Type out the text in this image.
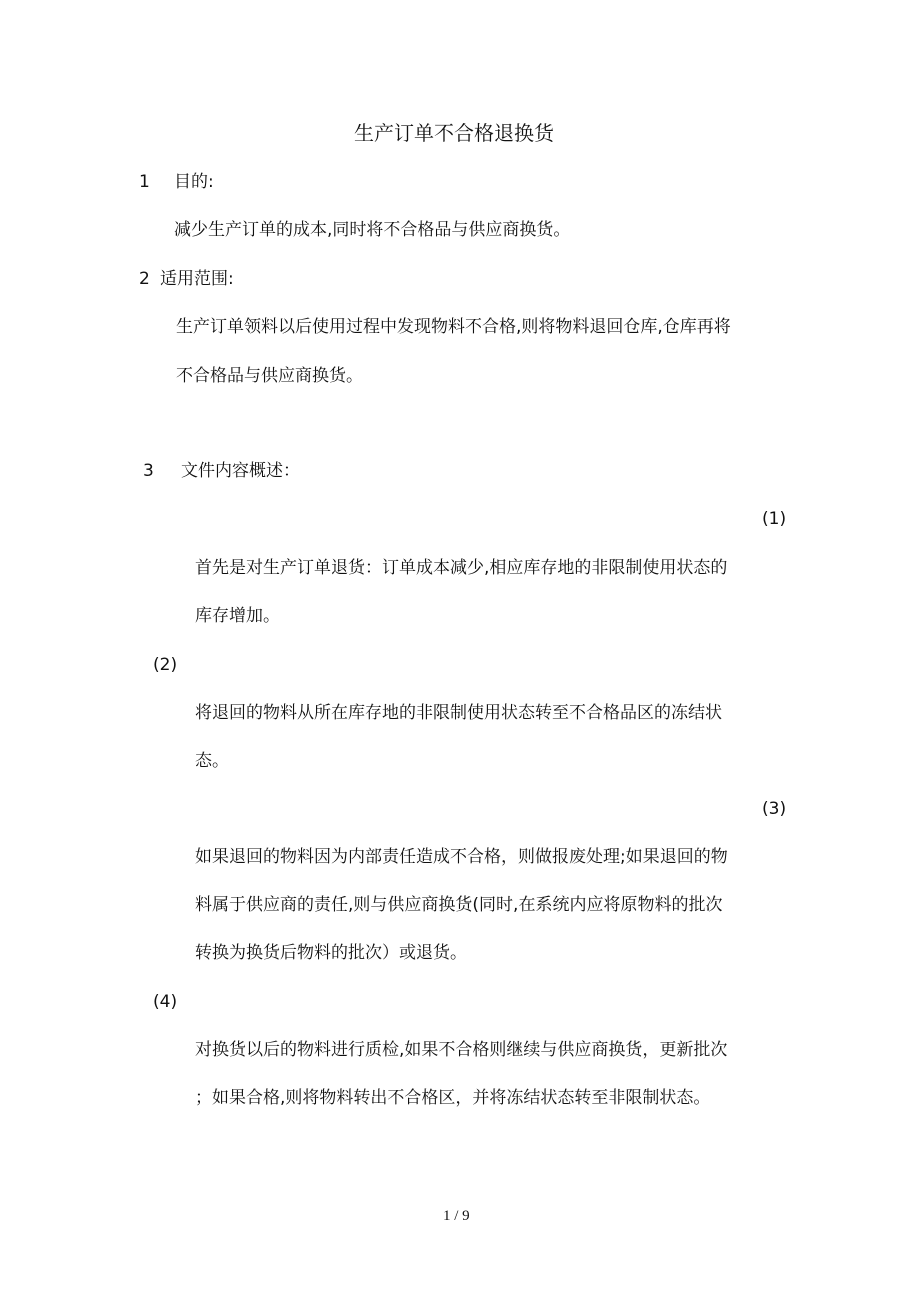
生产订单不合格退换货
1 目的:
减少生产订单的成本,同时将不合格品与供应商换货。
2 适用范围:
生产订单领料以后使用过程中发现物料不合格,则将物料退回仓库,仓库再将
不合格品与供应商换货。
3 文件内容概述：
(1)
首先是对生产订单退货：订单成本减少,相应库存地的非限制使用状态的
库存增加。
(2)
将退回的物料从所在库存地的非限制使用状态转至不合格品区的冻结状
态。
(3)
如果退回的物料因为内部责任造成不合格，则做报废处理;如果退回的物
料属于供应商的责任,则与供应商换货(同时,在系统内应将原物料的批次
转换为换货后物料的批次）或退货。
(4)
对换货以后的物料进行质检,如果不合格则继续与供应商换货，更新批次
；如果合格,则将物料转出不合格区，并将冻结状态转至非限制状态。
1 / 9
